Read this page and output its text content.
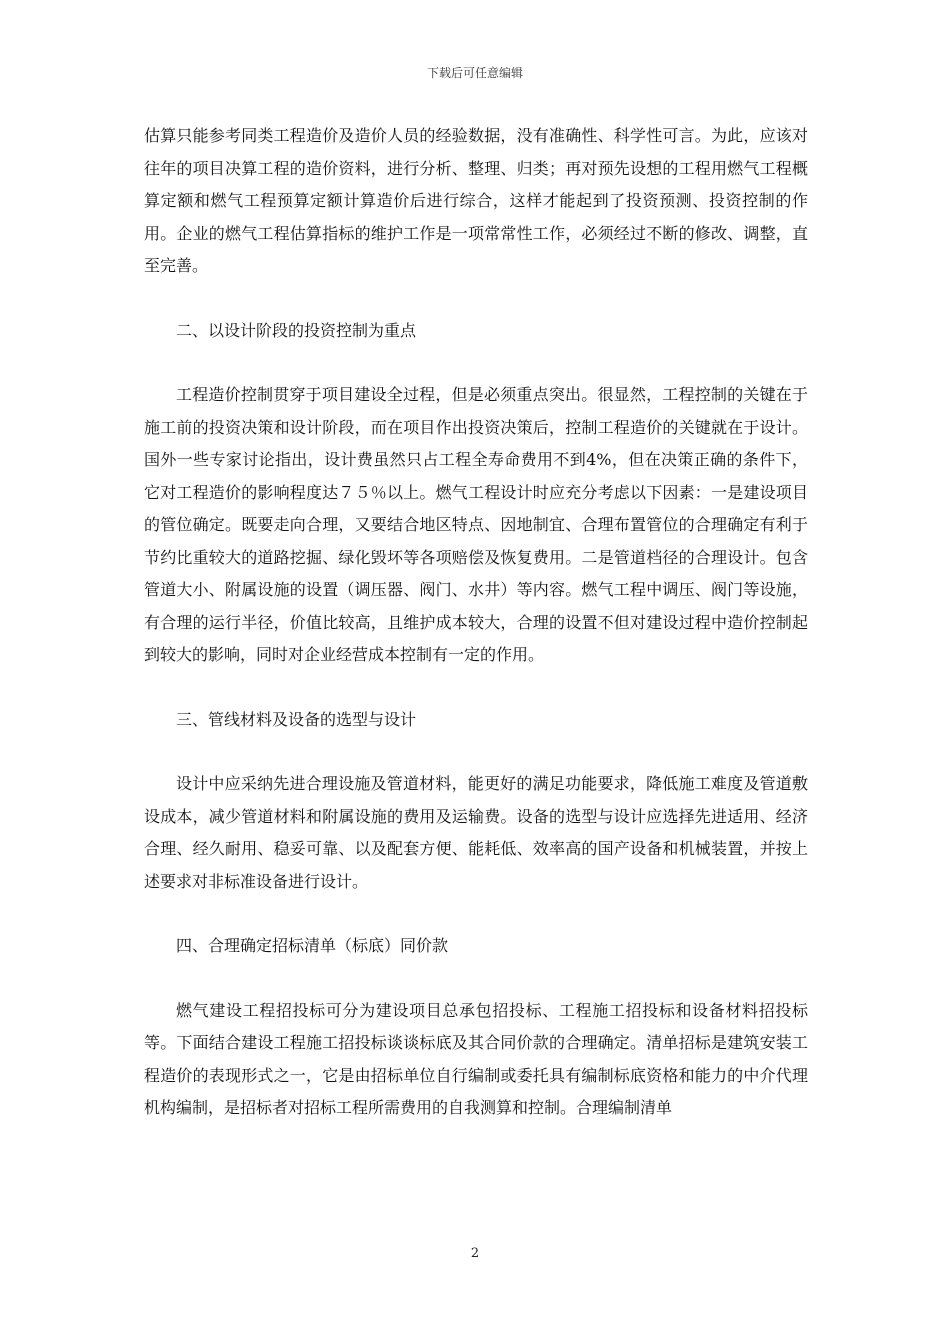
下载后可任意编辑

估算只能参考同类工程造价及造价人员的经验数据，没有准确性、科学性可言。为此，应该对往年的项目决算工程的造价资料，进行分析、整理、归类；再对预先设想的工程用燃气工程概算定额和燃气工程预算定额计算造价后进行综合，这样才能起到了投资预测、投资控制的作用。企业的燃气工程估算指标的维护工作是一项常常性工作，必须经过不断的修改、调整，直至完善。

二、以设计阶段的投资控制为重点

工程造价控制贯穿于项目建设全过程，但是必须重点突出。很显然，工程控制的关键在于施工前的投资决策和设计阶段，而在项目作出投资决策后，控制工程造价的关键就在于设计。国外一些专家讨论指出，设计费虽然只占工程全寿命费用不到4%，但在决策正确的条件下，它对工程造价的影响程度达７５％以上。燃气工程设计时应充分考虑以下因素：一是建设项目的管位确定。既要走向合理，又要结合地区特点、因地制宜、合理布置管位的合理确定有利于节约比重较大的道路挖掘、绿化毁坏等各项赔偿及恢复费用。二是管道档径的合理设计。包含管道大小、附属设施的设置（调压器、阀门、水井）等内容。燃气工程中调压、阀门等设施，有合理的运行半径，价值比较高，且维护成本较大，合理的设置不但对建设过程中造价控制起到较大的影响，同时对企业经营成本控制有一定的作用。

三、管线材料及设备的选型与设计

设计中应采纳先进合理设施及管道材料，能更好的满足功能要求，降低施工难度及管道敷设成本，减少管道材料和附属设施的费用及运输费。设备的选型与设计应选择先进适用、经济合理、经久耐用、稳妥可靠、以及配套方便、能耗低、效率高的国产设备和机械装置，并按上述要求对非标准设备进行设计。

四、合理确定招标清单（标底）同价款

燃气建设工程招投标可分为建设项目总承包招投标、工程施工招投标和设备材料招投标等。下面结合建设工程施工招投标谈谈标底及其合同价款的合理确定。清单招标是建筑安装工程造价的表现形式之一，它是由招标单位自行编制或委托具有编制标底资格和能力的中介代理机构编制，是招标者对招标工程所需费用的自我测算和控制。合理编制清单

2
